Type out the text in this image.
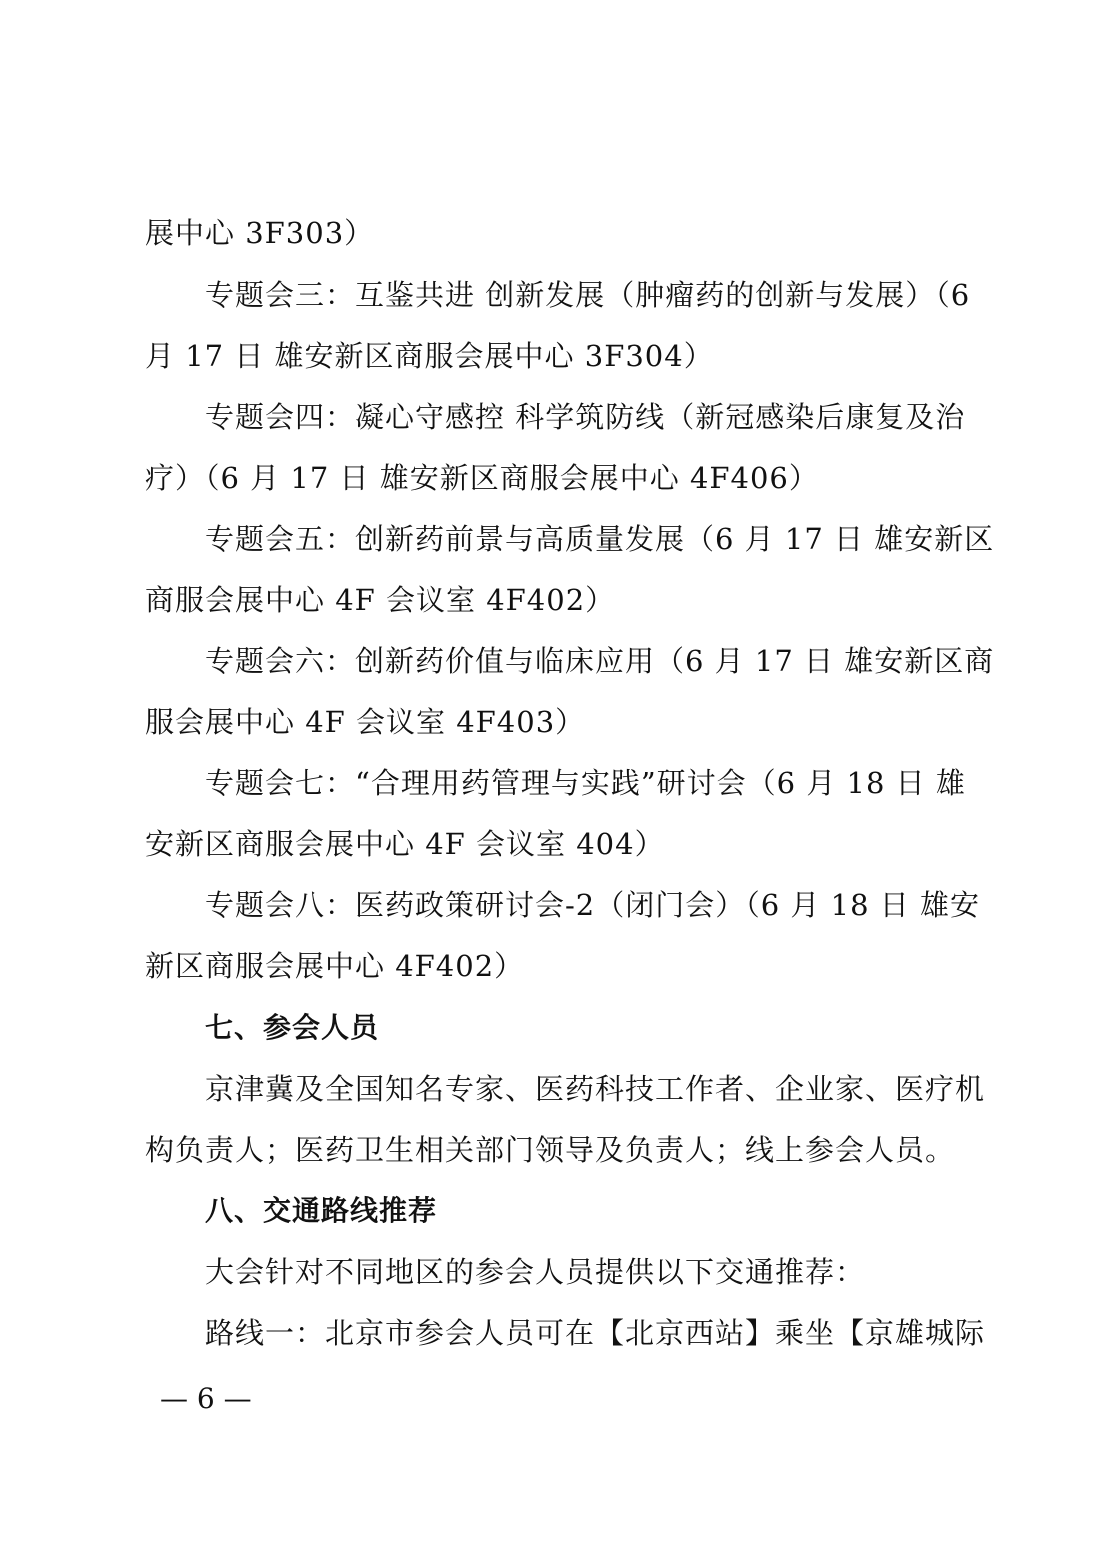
展中心 3F303）
专题会三：互鉴共进 创新发展（肿瘤药的创新与发展）（6
月 17 日 雄安新区商服会展中心 3F304）
专题会四：凝心守感控 科学筑防线（新冠感染后康复及治
疗）（6 月 17 日 雄安新区商服会展中心 4F406）
专题会五：创新药前景与高质量发展（6 月 17 日 雄安新区
商服会展中心 4F 会议室 4F402）
专题会六：创新药价值与临床应用（6 月 17 日 雄安新区商
服会展中心 4F 会议室 4F403）
专题会七：“合理用药管理与实践”研讨会（6 月 18 日 雄
安新区商服会展中心 4F 会议室 404）
专题会八：医药政策研讨会-2（闭门会）（6 月 18 日 雄安
新区商服会展中心 4F402）
七、参会人员
京津冀及全国知名专家、医药科技工作者、企业家、医疗机
构负责人；医药卫生相关部门领导及负责人；线上参会人员。
八、交通路线推荐
大会针对不同地区的参会人员提供以下交通推荐：
路线一：北京市参会人员可在【北京西站】乘坐【京雄城际
— 6 —
